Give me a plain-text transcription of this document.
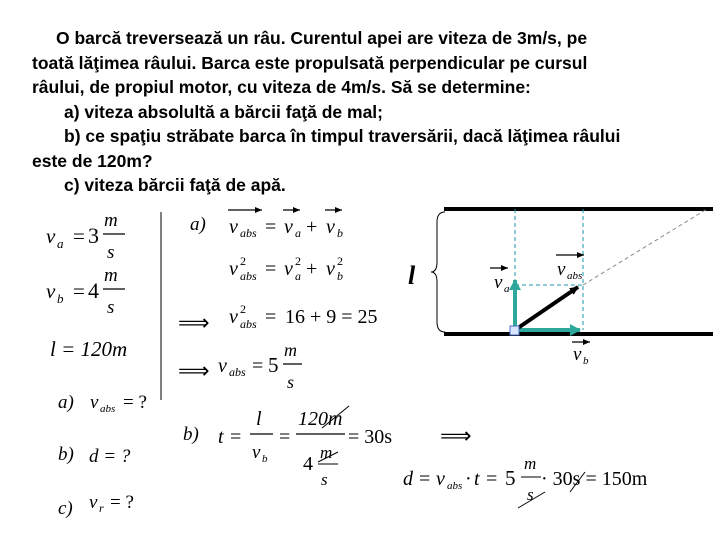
O barcă treversează un râu. Curentul apei are viteza de 3m/s, pe

toată lăţimea râului. Barca este propulsată perpendicular pe cursul

râului, de propiul motor, cu viteza de 4m/s. Să se determine:

a) viteza absolultă a bărcii faţă de mal;

b) ce spaţiu străbate barca în timpul traversării, dacă lăţimea râului

este de 120m?

c) viteza bărcii faţă de apă.

v a = 3
m
s
v b = 4
m
s
l = 120m
a) v abs = ?
b) d = ?
c) v r = ?
a) v abs = v a + v b
v 2
abs = v 2
a + v 2
b
⟹ v 2
abs = 16 + 9 = 25
⟹ v abs = 5
m
s
b) t =
l
v b
=
120m
4
m
s
= 30s ⟹
d = v abs · t = 5
m
s
· 30s = 150m
l	v a
v abs
v b
